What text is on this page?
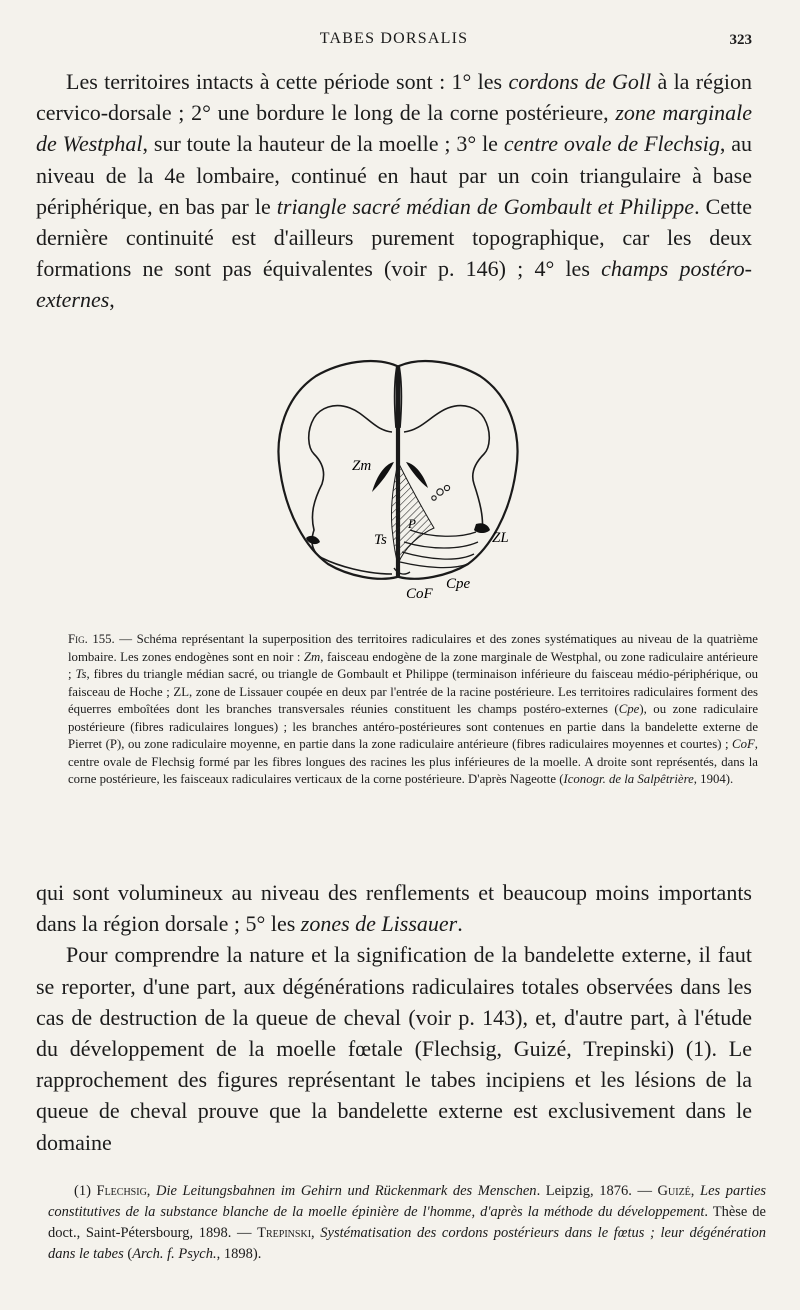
TABES DORSALIS	323

Les territoires intacts à cette période sont : 1° les cordons de Goll à la région cervico-dorsale ; 2° une bordure le long de la corne postérieure, zone marginale de Westphal, sur toute la hauteur de la moelle ; 3° le centre ovale de Flechsig, au niveau de la 4e lombaire, continué en haut par un coin triangulaire à base périphérique, en bas par le triangle sacré médian de Gombault et Philippe. Cette dernière continuité est d'ailleurs purement topographique, car les deux formations ne sont pas équivalentes (voir p. 146) ; 4° les champs postéro-externes,

Zm
P
Ts	ZL
Cpe
CoF

Fig. 155. — Schéma représentant la superposition des territoires radiculaires et des zones systématiques au niveau de la quatrième lombaire. Les zones endogènes sont en noir : Zm, faisceau endogène de la zone marginale de Westphal, ou zone radiculaire antérieure ; Ts, fibres du triangle médian sacré, ou triangle de Gombault et Philippe (terminaison inférieure du faisceau médio-périphérique, ou faisceau de Hoche ; ZL, zone de Lissauer coupée en deux par l'entrée de la racine postérieure. Les territoires radiculaires forment des équerres emboîtées dont les branches transversales réunies constituent les champs postéro-externes (Cpe), ou zone radiculaire postérieure (fibres radiculaires longues) ; les branches antéro-postérieures sont contenues en partie dans la bandelette externe de Pierret (P), ou zone radiculaire moyenne, en partie dans la zone radiculaire antérieure (fibres radiculaires moyennes et courtes) ; CoF, centre ovale de Flechsig formé par les fibres longues des racines les plus inférieures de la moelle. A droite sont représentés, dans la corne postérieure, les faisceaux radiculaires verticaux de la corne postérieure. D'après Nageotte (Iconogr. de la Salpêtrière, 1904).

qui sont volumineux au niveau des renflements et beaucoup moins importants dans la région dorsale ; 5° les zones de Lissauer.

Pour comprendre la nature et la signification de la bandelette externe, il faut se reporter, d'une part, aux dégénérations radiculaires totales observées dans les cas de destruction de la queue de cheval (voir p. 143), et, d'autre part, à l'étude du développement de la moelle fœtale (Flechsig, Guizé, Trepinski) (1). Le rapprochement des figures représentant le tabes incipiens et les lésions de la queue de cheval prouve que la bandelette externe est exclusivement dans le domaine

(1) Flechsig, Die Leitungsbahnen im Gehirn und Rückenmark des Menschen. Leipzig, 1876. — Guizé, Les parties constitutives de la substance blanche de la moelle épinière de l'homme, d'après la méthode du développement. Thèse de doct., Saint-Pétersbourg, 1898. — Trepinski, Systématisation des cordons postérieurs dans le fœtus ; leur dégénération dans le tabes (Arch. f. Psych., 1898).
